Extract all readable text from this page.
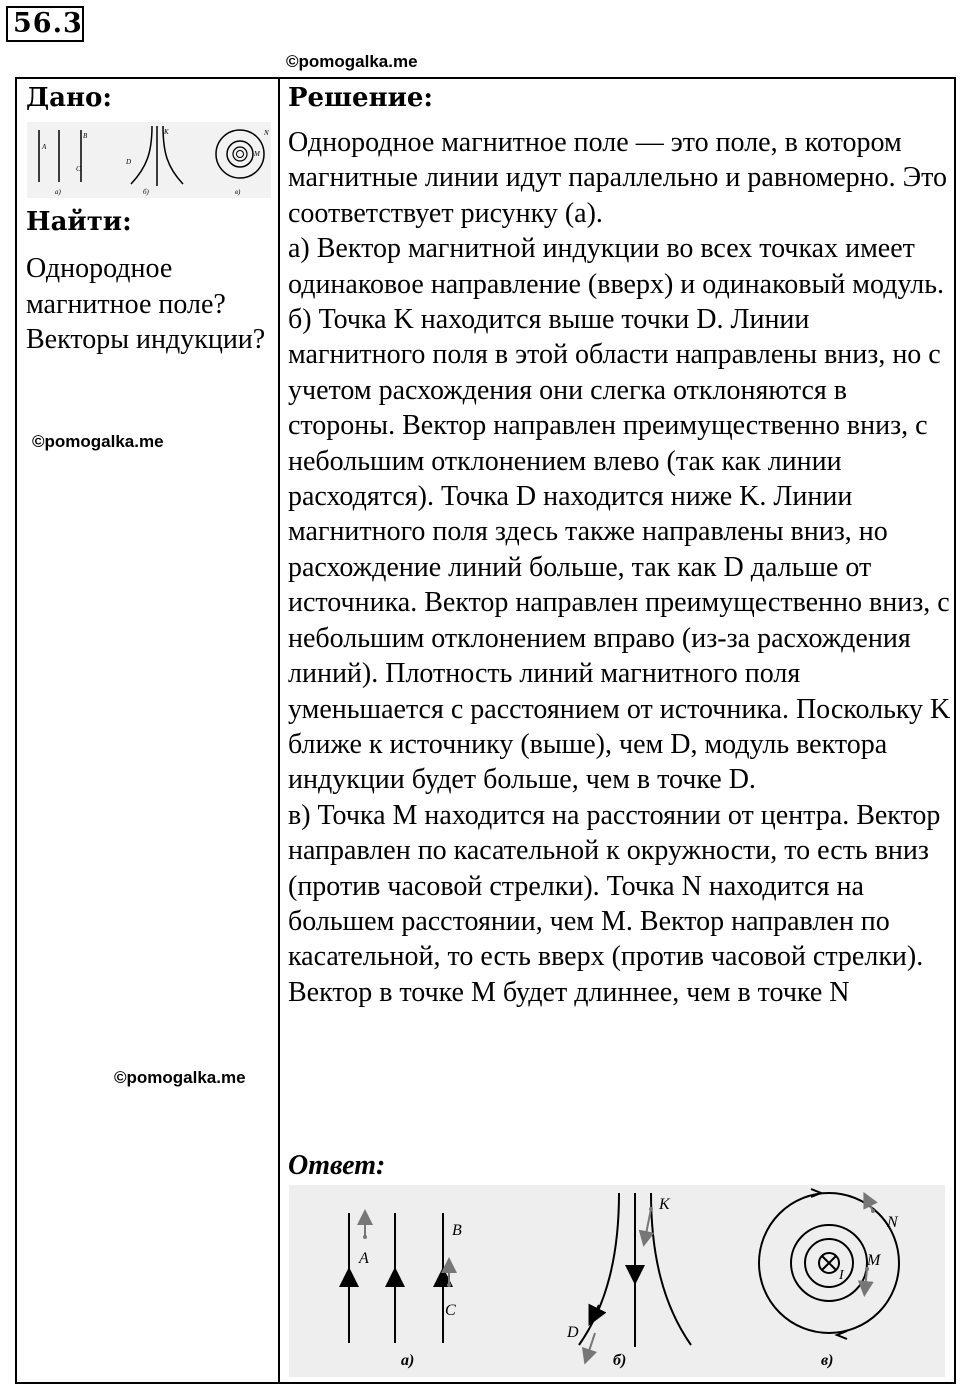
56.3
©pomogalka.me
Дано:
A
B
C
а)
K
D
б)
N
M
в)
Найти:
Однородное магнитное поле? Векторы индукции?
Решение:
Однородное магнитное поле — это поле, в котором магнитные линии идут параллельно и равномерно. Это соответствует рисунку (а).
а) Вектор магнитной индукции во всех точках имеет одинаковое направление (вверх) и одинаковый модуль.
б) Точка K находится выше точки D. Линии магнитного поля в этой области направлены вниз, но с учетом расхождения они слегка отклоняются в стороны. Вектор направлен преимущественно вниз, с небольшим отклонением влево (так как линии расходятся). Точка D находится ниже K. Линии магнитного поля здесь также направлены вниз, но расхождение линий больше, так как D дальше от источника. Вектор направлен преимущественно вниз, с небольшим отклонением вправо (из-за расхождения линий). Плотность линий магнитного поля уменьшается с расстоянием от источника. Поскольку K ближе к источнику (выше), чем D, модуль вектора индукции будет больше, чем в точке D.
в) Точка M находится на расстоянии от центра. Вектор направлен по касательной к окружности, то есть вниз (против часовой стрелки). Точка N находится на большем расстоянии, чем M. Вектор направлен по касательной, то есть вверх (против часовой стрелки). Вектор в точке M будет длиннее, чем в точке N
Ответ:
A
B
C
а)
K
D
б)
I
M
N
в)
©pomogalka.me
©pomogalka.me
